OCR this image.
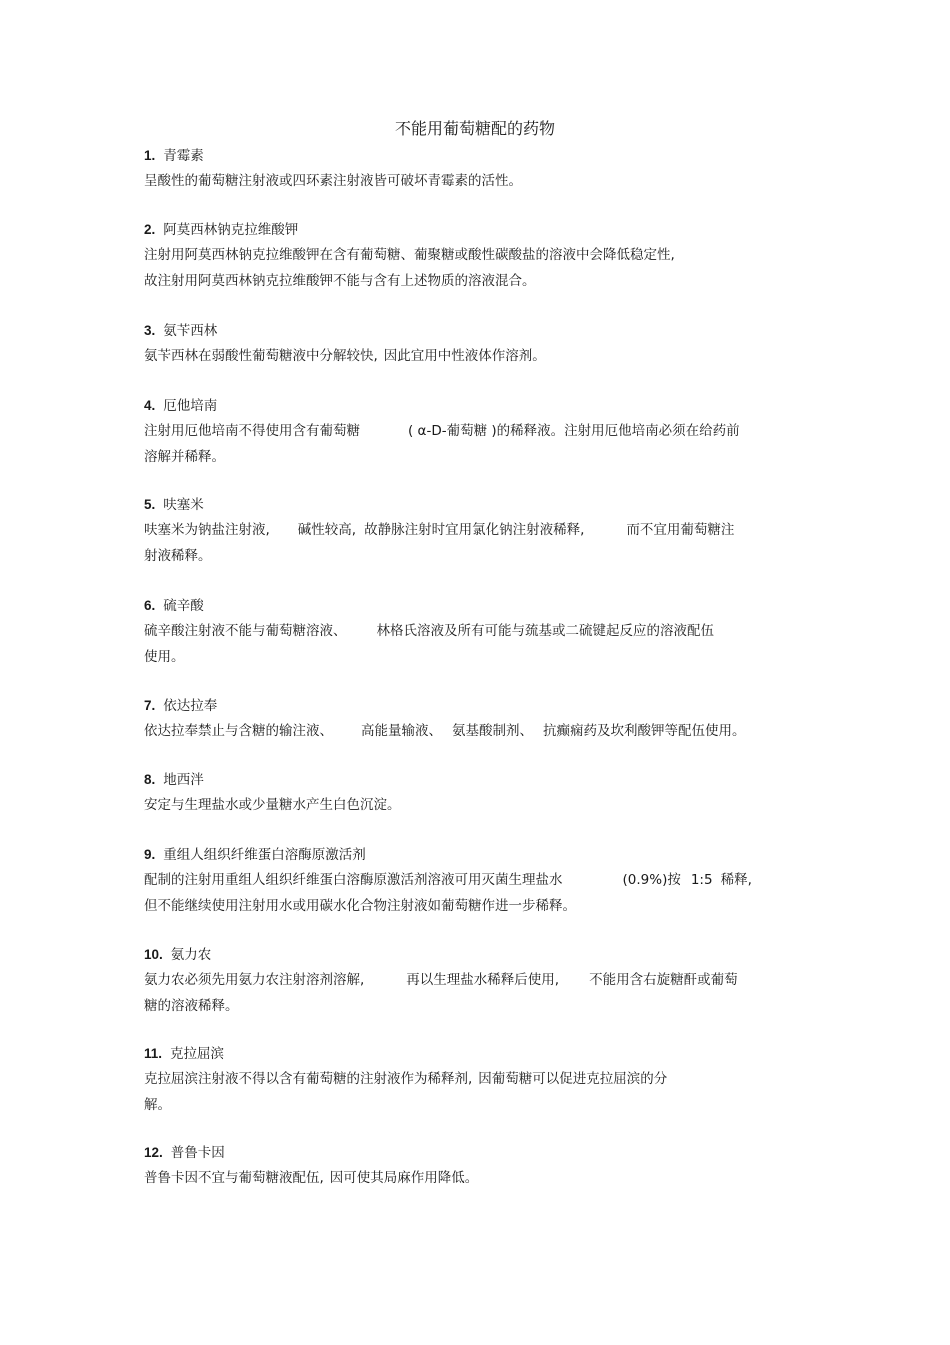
不能用葡萄糖配的药物
1. 青霉素
呈酸性的葡萄糖注射液或四环素注射液皆可破坏青霉素的活性。
2. 阿莫西林钠克拉维酸钾
注射用阿莫西林钠克拉维酸钾在含有葡萄糖、葡聚糖或酸性碳酸盐的溶液中会降低稳定性,
故注射用阿莫西林钠克拉维酸钾不能与含有上述物质的溶液混合。
3. 氨苄西林
氨苄西林在弱酸性葡萄糖液中分解较快, 因此宜用中性液体作溶剂。
4. 厄他培南
注射用厄他培南不得使用含有葡萄糖	( α-D-葡萄糖 )的稀释液。注射用厄他培南必须在给药前
溶解并稀释。
5. 呋塞米
呋塞米为钠盐注射液, 碱性较高, 故静脉注射时宜用氯化钠注射液稀释,	而不宜用葡萄糖注
射液稀释。
6. 硫辛酸
硫辛酸注射液不能与葡萄糖溶液、 林格氏溶液及所有可能与巯基或二硫键起反应的溶液配伍
使用。
7. 依达拉奉
依达拉奉禁止与含糖的输注液、 高能量输液、 氨基酸制剂、 抗癫痫药及坎利酸钾等配伍使用。
8. 地西泮
安定与生理盐水或少量糖水产生白色沉淀。
9. 重组人组织纤维蛋白溶酶原激活剂
配制的注射用重组人组织纤维蛋白溶酶原激活剂溶液可用灭菌生理盐水	(0.9%)按 1:5 稀释,
但不能继续使用注射用水或用碳水化合物注射液如葡萄糖作进一步稀释。
10. 氨力农
氨力农必须先用氨力农注射溶剂溶解,	再以生理盐水稀释后使用, 不能用含右旋糖酐或葡萄
糖的溶液稀释。
11. 克拉屈滨
克拉屈滨注射液不得以含有葡萄糖的注射液作为稀释剂, 因葡萄糖可以促进克拉屈滨的分
解。
12. 普鲁卡因
普鲁卡因不宜与葡萄糖液配伍, 因可使其局麻作用降低。
